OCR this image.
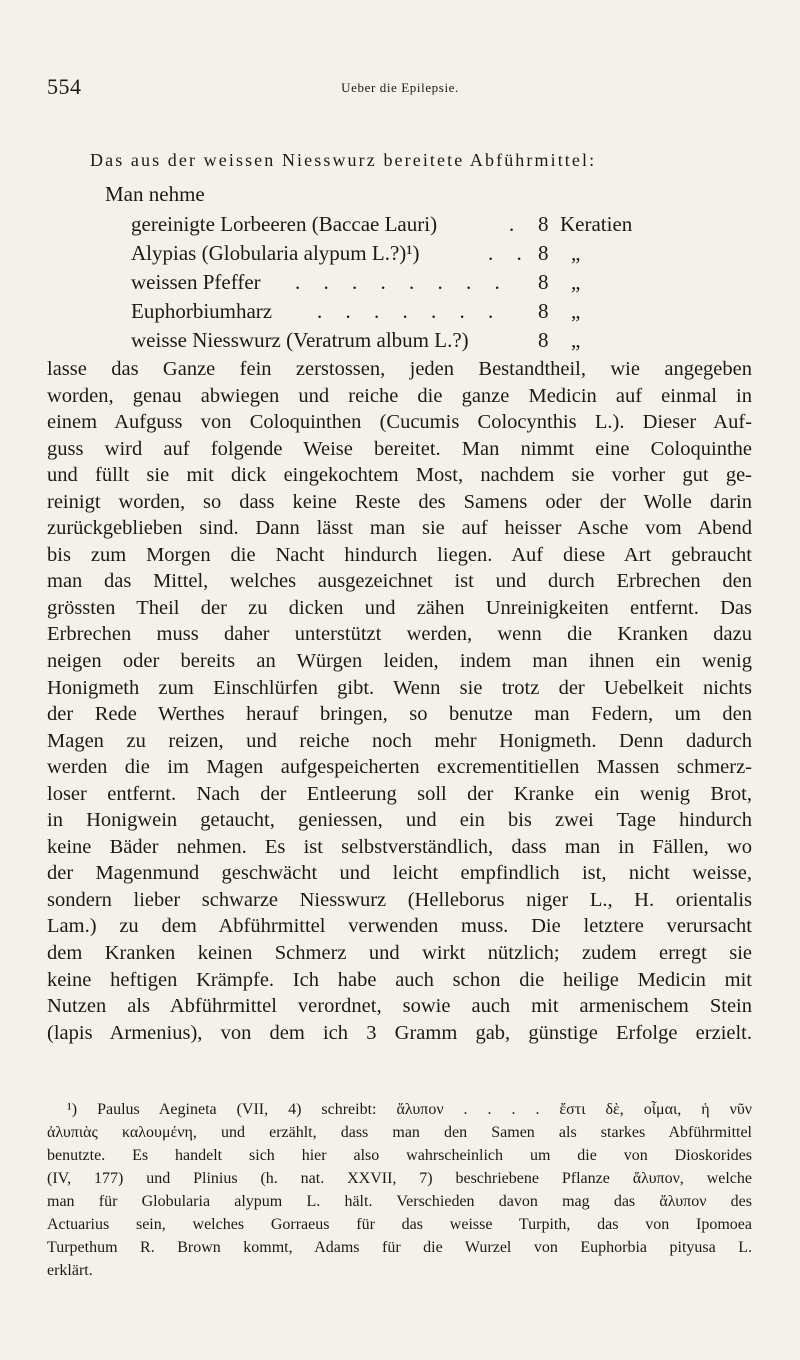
554	Ueber die Epilepsie.
Das aus der weissen Niesswurz bereitete Abführmittel:
Man nehme
gereinigte Lorbeeren (Baccae Lauri)	. 8 Keratien
Alypias (Globularia alypum L.?)¹)	. . 8 „
weissen Pfeffer . . . . . . . . 8 „
Euphorbiumharz . . . . . . . 8 „
weisse Niesswurz (Veratrum album L.?)	8 „
lasse das Ganze fein zerstossen, jeden Bestandtheil, wie angegeben
worden, genau abwiegen und reiche die ganze Medicin auf einmal in
einem Aufguss von Coloquinthen (Cucumis Colocynthis L.). Dieser Auf-
guss wird auf folgende Weise bereitet. Man nimmt eine Coloquinthe
und füllt sie mit dick eingekochtem Most, nachdem sie vorher gut ge-
reinigt worden, so dass keine Reste des Samens oder der Wolle darin
zurückgeblieben sind. Dann lässt man sie auf heisser Asche vom Abend
bis zum Morgen die Nacht hindurch liegen. Auf diese Art gebraucht
man das Mittel, welches ausgezeichnet ist und durch Erbrechen den
grössten Theil der zu dicken und zähen Unreinigkeiten entfernt. Das
Erbrechen muss daher unterstützt werden, wenn die Kranken dazu
neigen oder bereits an Würgen leiden, indem man ihnen ein wenig
Honigmeth zum Einschlürfen gibt. Wenn sie trotz der Uebelkeit nichts
der Rede Werthes herauf bringen, so benutze man Federn, um den
Magen zu reizen, und reiche noch mehr Honigmeth. Denn dadurch
werden die im Magen aufgespeicherten excrementitiellen Massen schmerz-
loser entfernt. Nach der Entleerung soll der Kranke ein wenig Brot,
in Honigwein getaucht, geniessen, und ein bis zwei Tage hindurch
keine Bäder nehmen. Es ist selbstverständlich, dass man in Fällen, wo
der Magenmund geschwächt und leicht empfindlich ist, nicht weisse,
sondern lieber schwarze Niesswurz (Helleborus niger L., H. orientalis
Lam.) zu dem Abführmittel verwenden muss. Die letztere verursacht
dem Kranken keinen Schmerz und wirkt nützlich; zudem erregt sie
keine heftigen Krämpfe. Ich habe auch schon die heilige Medicin mit
Nutzen als Abführmittel verordnet, sowie auch mit armenischem Stein
(lapis Armenius), von dem ich 3 Gramm gab, günstige Erfolge erzielt.
¹) Paulus Aegineta (VII, 4) schreibt: ἄλυπον . . . . ἔστι δὲ, οἶμαι, ἡ νῦν
ἀλυπιὰς καλουμένη, und erzählt, dass man den Samen als starkes Abführmittel
benutzte. Es handelt sich hier also wahrscheinlich um die von Dioskorides
(IV, 177) und Plinius (h. nat. XXVII, 7) beschriebene Pflanze ἄλυπον, welche
man für Globularia alypum L. hält. Verschieden davon mag das ἄλυπον des
Actuarius sein, welches Gorraeus für das weisse Turpith, das von Ipomoea
Turpethum R. Brown kommt, Adams für die Wurzel von Euphorbia pityusa L.
erklärt.
